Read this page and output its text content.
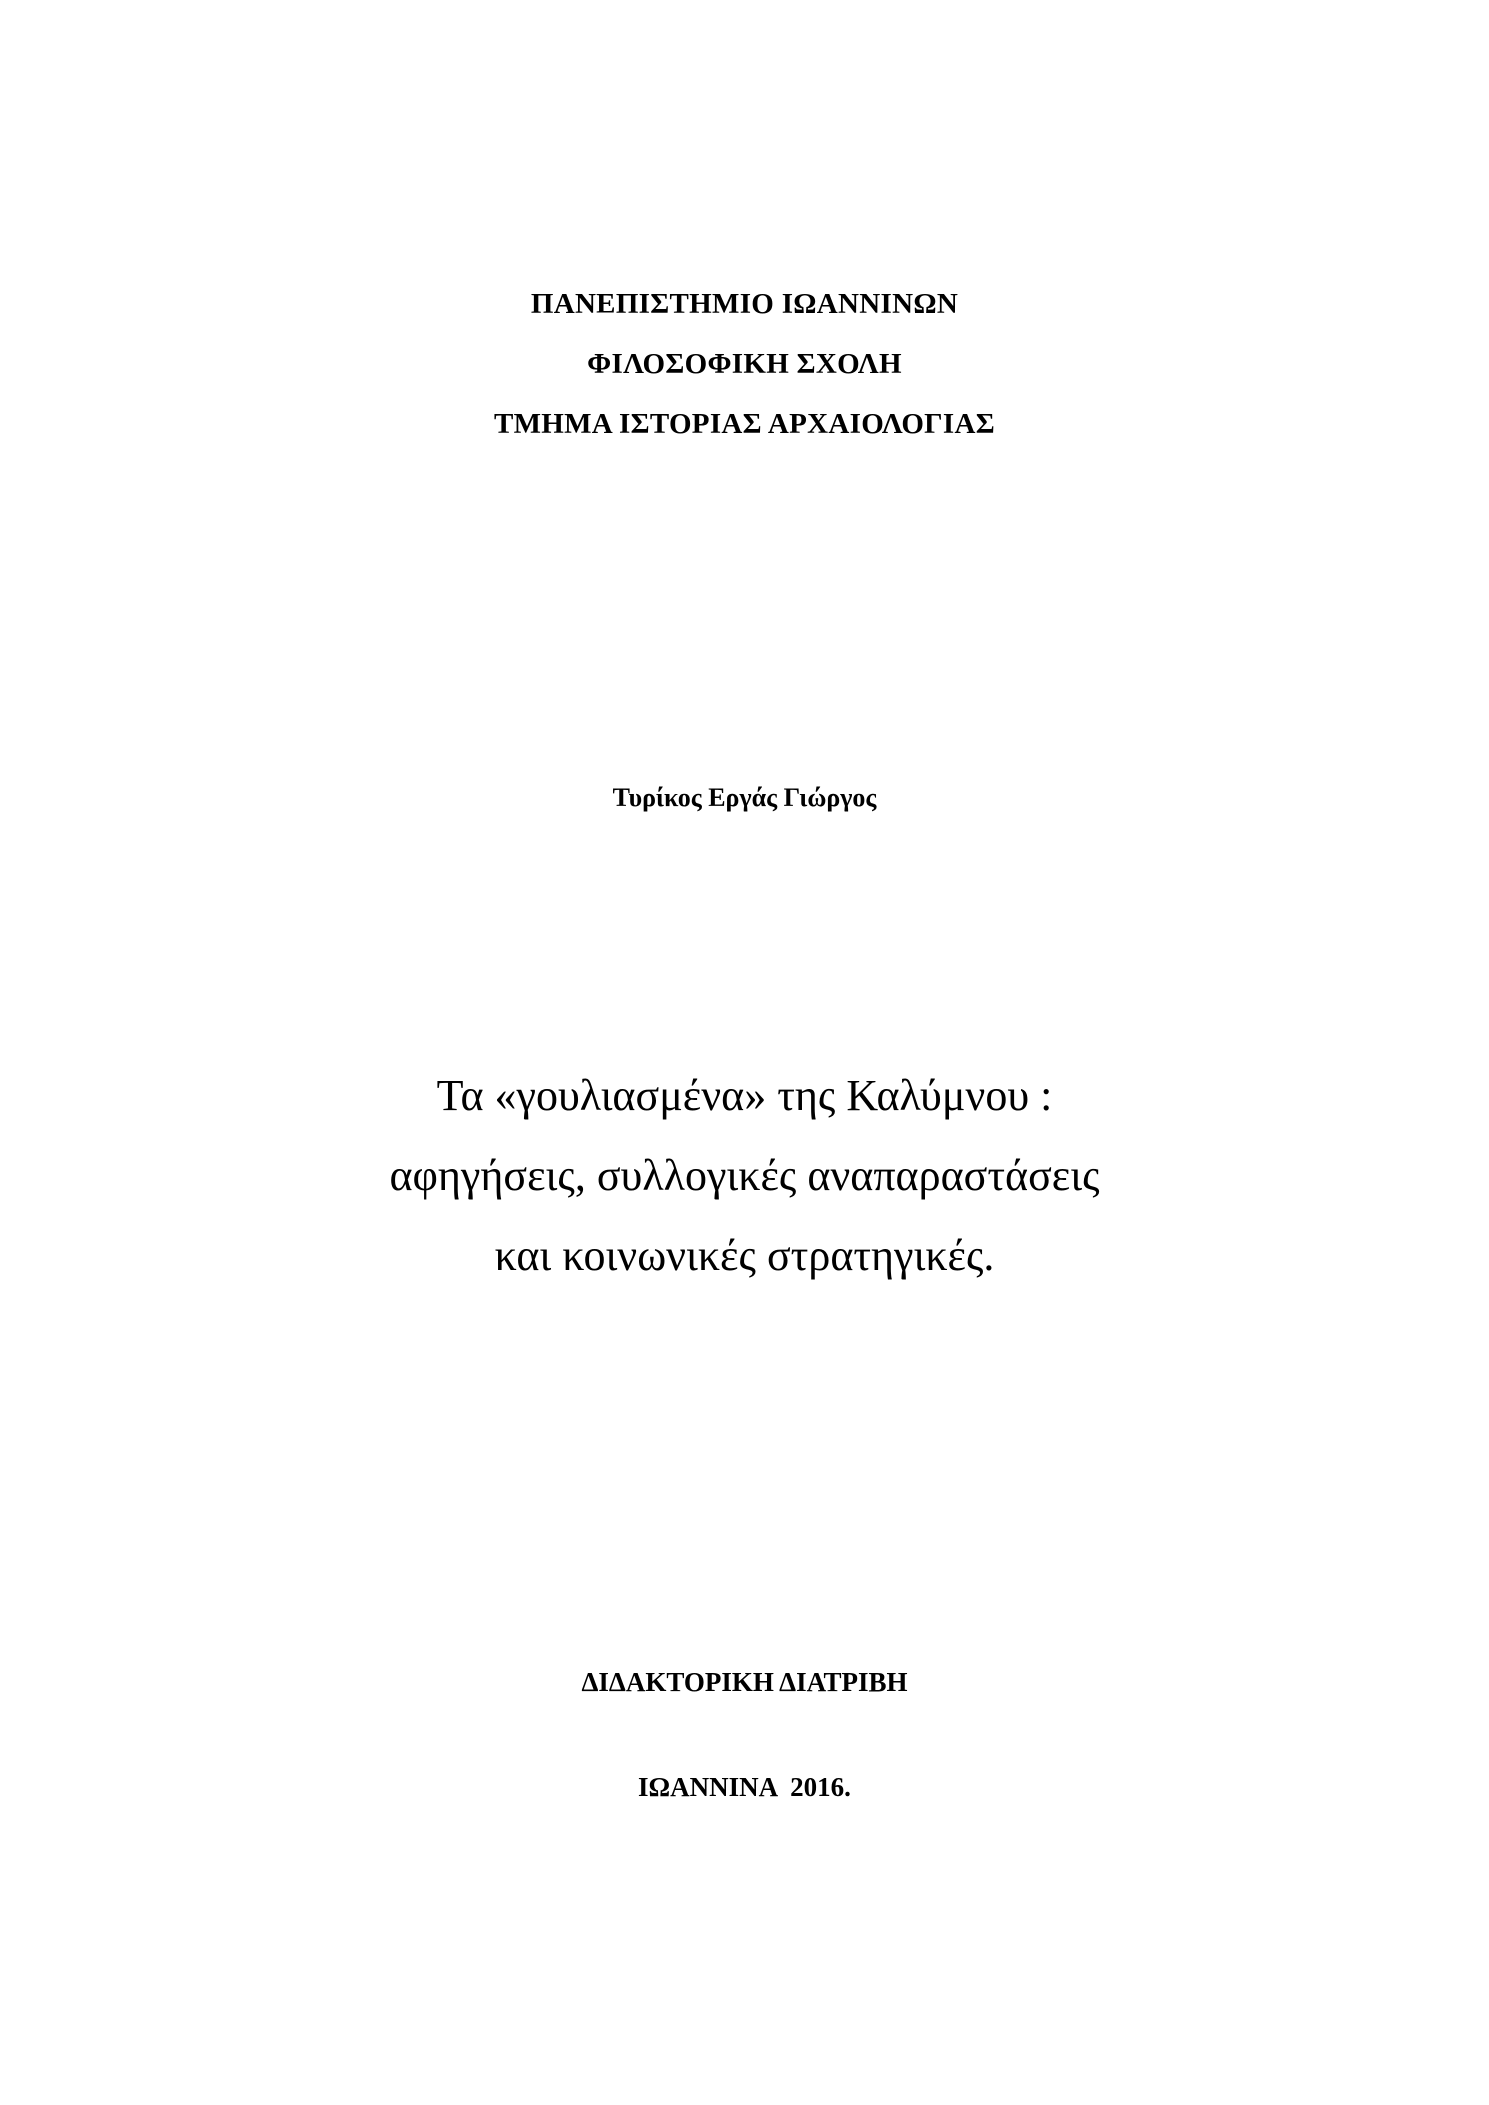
ΠΑΝΕΠΙΣΤΗΜΙΟ ΙΩΑΝΝΙΝΩΝ
ΦΙΛΟΣΟΦΙΚΗ ΣΧΟΛΗ
ΤΜΗΜΑ ΙΣΤΟΡΙΑΣ ΑΡΧΑΙΟΛΟΓΙΑΣ
Τυρίκος Εργάς Γιώργος
Τα «γουλιασμένα» της Καλύμνου :
αφηγήσεις, συλλογικές αναπαραστάσεις
και κοινωνικές στρατηγικές.
ΔΙΔΑΚΤΟΡΙΚΗ ΔΙΑΤΡΙΒΗ
ΙΩΑΝΝΙΝΑ  2016.
